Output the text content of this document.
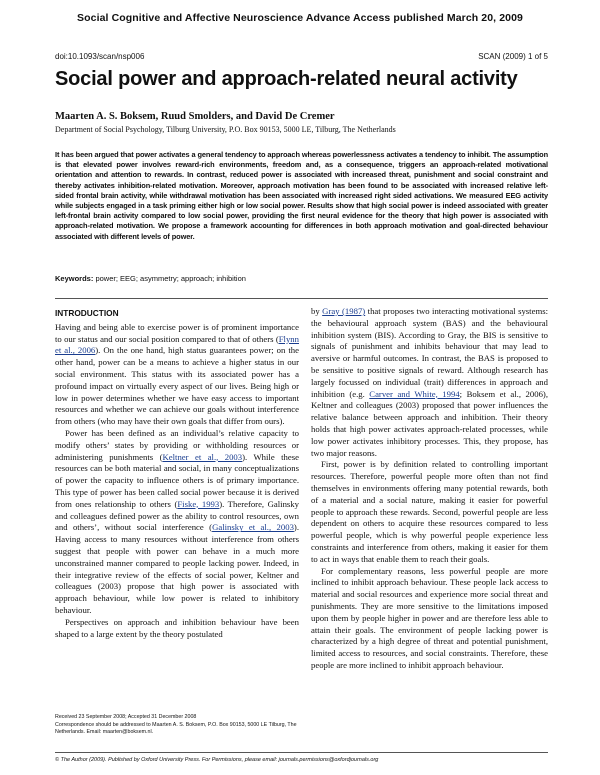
Social Cognitive and Affective Neuroscience Advance Access published March 20, 2009
doi:10.1093/scan/nsp006	SCAN (2009) 1 of 5
Social power and approach-related neural activity
Maarten A. S. Boksem, Ruud Smolders, and David De Cremer
Department of Social Psychology, Tilburg University, P.O. Box 90153, 5000 LE, Tilburg, The Netherlands
It has been argued that power activates a general tendency to approach whereas powerlessness activates a tendency to inhibit. The assumption is that elevated power involves reward-rich environments, freedom and, as a consequence, triggers an approach-related motivational orientation and attention to rewards. In contrast, reduced power is associated with increased threat, punishment and social constraint and thereby activates inhibition-related motivation. Moreover, approach motivation has been found to be associated with increased relative left-sided frontal brain activity, while withdrawal motivation has been associated with increased right sided activations. We measured EEG activity while subjects engaged in a task priming either high or low social power. Results show that high social power is indeed associated with greater left-frontal brain activity compared to low social power, providing the first neural evidence for the theory that high power is associated with approach-related motivation. We propose a framework accounting for differences in both approach motivation and goal-directed behaviour associated with different levels of power.
Keywords: power; EEG; asymmetry; approach; inhibition
INTRODUCTION

Having and being able to exercise power is of prominent importance to our status and our social position compared to that of others (Flynn et al., 2006). On the one hand, high status guarantees power; on the other hand, power can be a means to achieve a higher status in our social environment. This status with its associated power has a profound impact on virtually every aspect of our lives. Being high or low in power determines whether we have easy access to important resources and whether we can achieve our goals without interference from others (who may have their own goals that differ from ours).

Power has been defined as an individual’s relative capacity to modify others’ states by providing or withholding resources or administering punishments (Keltner et al., 2003). While these resources can be both material and social, in many conceptualizations of power the capacity to influence others is of primary importance. This type of power has been called social power because it is derived from ones relationship to others (Fiske, 1993). Therefore, Galinsky and colleagues defined power as the ability to control resources, own and others’, without social interference (Galinsky et al., 2003). Having access to many resources without interference from others suggest that people with power can behave in a much more unconstrained manner compared to people lacking power. Indeed, in their integrative review of the effects of social power, Keltner and colleagues (2003) propose that high power is associated with approach behaviour, while low power is related to inhibitory behaviour.

Perspectives on approach and inhibition behaviour have been shaped to a large extent by the theory postulated

by Gray (1987) that proposes two interacting motivational systems: the behavioural approach system (BAS) and the behavioural inhibition system (BIS). According to Gray, the BIS is sensitive to signals of punishment and inhibits behaviour that may lead to aversive or harmful outcomes. In contrast, the BAS is proposed to be sensitive to positive signals of reward. Although research has largely focussed on individual (trait) differences in approach and inhibition (e.g. Carver and White, 1994; Boksem et al., 2006), Keltner and colleagues (2003) proposed that power influences the relative balance between approach and inhibition. Their theory holds that high power activates approach-related processes, while low power activates inhibitory processes. This, they propose, has two major reasons.

First, power is by definition related to controlling important resources. Therefore, powerful people more often than not find themselves in environments offering many potential rewards, both of a material and a social nature, making it easier for powerful people to approach these rewards. Second, powerful people are less dependent on others to acquire these resources compared to less powerful people, which is why powerful people experience less constraints and interference from others, making it easier for them to act in ways that enable them to reach their goals.

For complementary reasons, less powerful people are more inclined to inhibit approach behaviour. These people lack access to material and social resources and experience more social threat and punishments. They are more sensitive to the limitations imposed upon them by people higher in power and are therefore less able to attain their goals. The environment of people lacking power is characterized by a high degree of threat and potential punishment, limited access to resources, and social constraints. Therefore, these people are more inclined to inhibit approach behaviour.

Received 23 September 2008; Accepted 31 December 2008
Correspondence should be addressed to Maarten A. S. Boksem, P.O. Box 90153, 5000 LE Tilburg, The Netherlands. Email: maarten@boksem.nl.
© The Author (2009). Published by Oxford University Press. For Permissions, please email: journals.permissions@oxfordjournals.org
